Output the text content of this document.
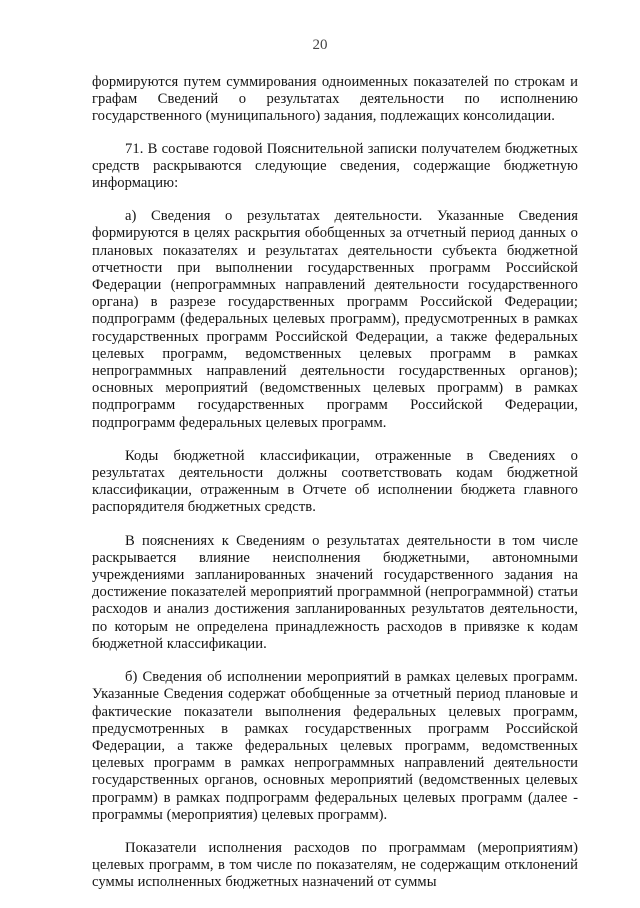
20

формируются путем суммирования одноименных показателей по строкам и графам Сведений о результатах деятельности по исполнению государственного (муниципального) задания, подлежащих консолидации.

71. В составе годовой Пояснительной записки получателем бюджетных средств раскрываются следующие сведения, содержащие бюджетную информацию:

а) Сведения о результатах деятельности. Указанные Сведения формируются в целях раскрытия обобщенных за отчетный период данных о плановых показателях и результатах деятельности субъекта бюджетной отчетности при выполнении государственных программ Российской Федерации (непрограммных направлений деятельности государственного органа) в разрезе государственных программ Российской Федерации; подпрограмм (федеральных целевых программ), предусмотренных в рамках государственных программ Российской Федерации, а также федеральных целевых программ, ведомственных целевых программ в рамках непрограммных направлений деятельности государственных органов); основных мероприятий (ведомственных целевых программ) в рамках подпрограмм государственных программ Российской Федерации, подпрограмм федеральных целевых программ.

Коды бюджетной классификации, отраженные в Сведениях о результатах деятельности должны соответствовать кодам бюджетной классификации, отраженным в Отчете об исполнении бюджета главного распорядителя бюджетных средств.

В пояснениях к Сведениям о результатах деятельности в том числе раскрывается влияние неисполнения бюджетными, автономными учреждениями запланированных значений государственного задания на достижение показателей мероприятий программной (непрограммной) статьи расходов и анализ достижения запланированных результатов деятельности, по которым не определена принадлежность расходов в привязке к кодам бюджетной классификации.

б) Сведения об исполнении мероприятий в рамках целевых программ. Указанные Сведения содержат обобщенные за отчетный период плановые и фактические показатели выполнения федеральных целевых программ, предусмотренных в рамках государственных программ Российской Федерации, а также федеральных целевых программ, ведомственных целевых программ в рамках непрограммных направлений деятельности государственных органов, основных мероприятий (ведомственных целевых программ) в рамках подпрограмм федеральных целевых программ (далее - программы (мероприятия) целевых программ).

Показатели исполнения расходов по программам (мероприятиям) целевых программ, в том числе по показателям, не содержащим отклонений суммы исполненных бюджетных назначений от суммы
